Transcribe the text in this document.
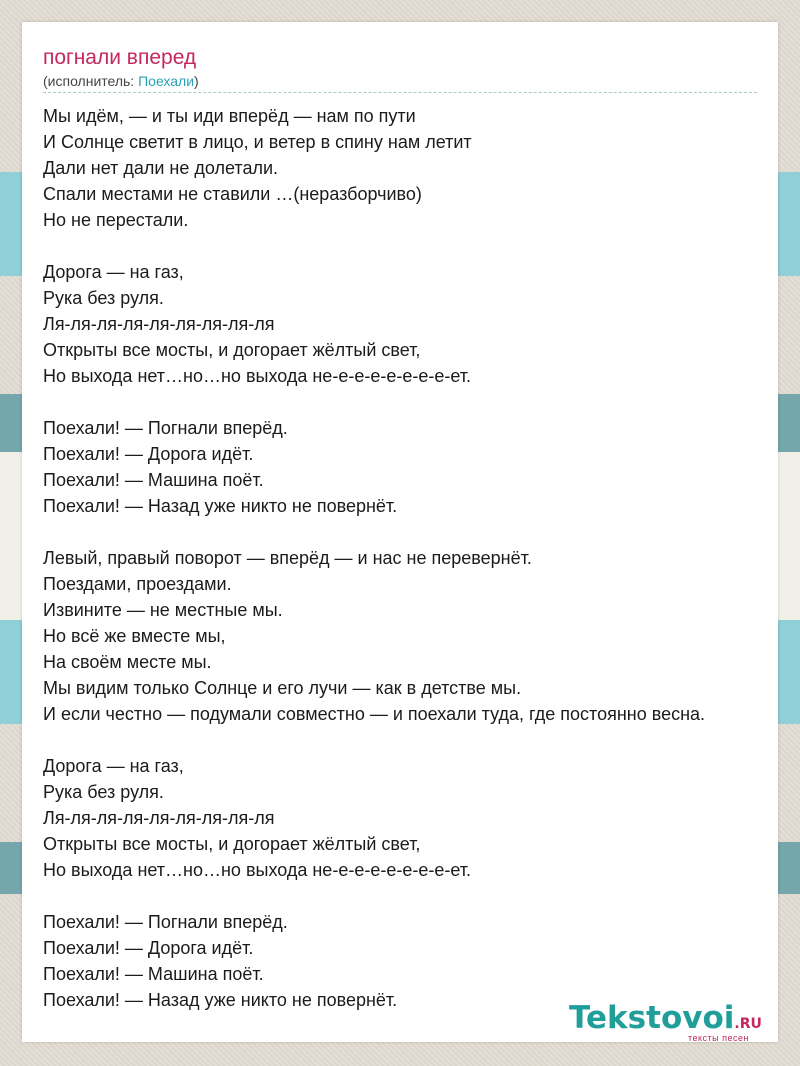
погнали вперед
(исполнитель: Поехали)
Мы идём, — и ты иди вперёд — нам по пути
И Солнце светит в лицо, и ветер в спину нам летит
Дали нет дали не долетали.
Спали местами не ставили …(неразборчиво)
Но не перестали.
Дорога — на газ,
Рука без руля.
Ля-ля-ля-ля-ля-ля-ля-ля-ля
Открыты все мосты, и догорает жёлтый свет,
Но выхода нет…но…но выхода не-е-е-е-е-е-е-е-ет.
Поехали! — Погнали вперёд.
Поехали! — Дорога идёт.
Поехали! — Машина поёт.
Поехали! — Назад уже никто не повернёт.
Левый, правый поворот — вперёд — и нас не перевернёт.
Поездами, проездами.
Извините — не местные мы.
Но всё же вместе мы,
На своём месте мы.
Мы видим только Солнце и его лучи — как в детстве мы.
И если честно — подумали совместно — и поехали туда, где постоянно весна.
Дорога — на газ,
Рука без руля.
Ля-ля-ля-ля-ля-ля-ля-ля-ля
Открыты все мосты, и догорает жёлтый свет,
Но выхода нет…но…но выхода не-е-е-е-е-е-е-е-ет.
Поехали! — Погнали вперёд.
Поехали! — Дорога идёт.
Поехали! — Машина поёт.
Поехали! — Назад уже никто не повернёт.	Tekstovoi.RU
тексты песен
